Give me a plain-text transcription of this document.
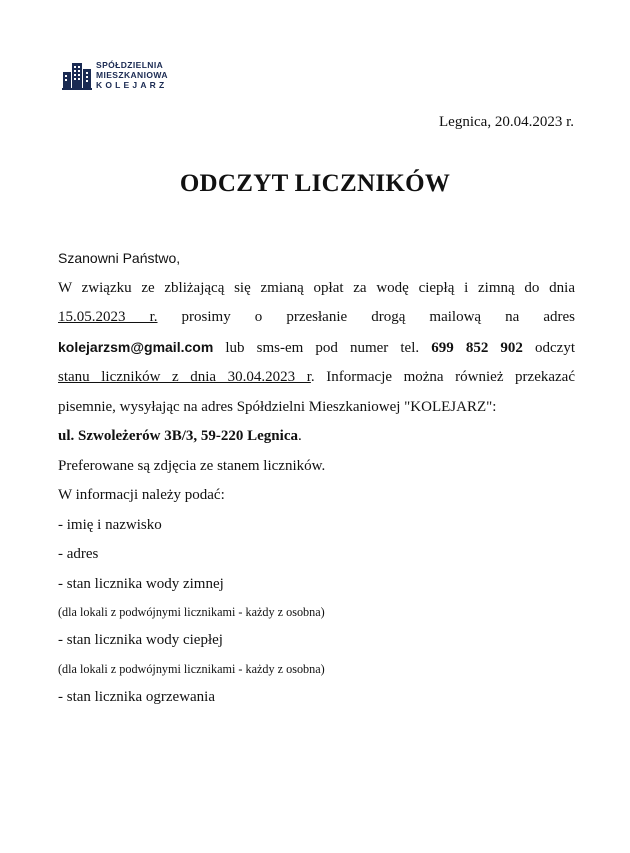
SPÓŁDZIELNIA
MIESZKANIOWA
KOLEJARZ
Legnica, 20.04.2023 r.
ODCZYT LICZNIKÓW
Szanowni Państwo,
W związku ze zbliżającą się zmianą opłat za wodę ciepłą i zimną do dnia
15.05.2023 r. prosimy o przesłanie drogą mailową na adres
kolejarzsm@gmail.com lub sms-em pod numer tel. 699 852 902 odczyt
stanu liczników z dnia 30.04.2023 r. Informacje można również przekazać
pisemnie, wysyłając na adres Spółdzielni Mieszkaniowej "KOLEJARZ":
ul. Szwoleżerów 3B/3, 59-220 Legnica.
Preferowane są zdjęcia ze stanem liczników.
W informacji należy podać:
- imię i nazwisko
- adres
- stan licznika wody zimnej
(dla lokali z podwójnymi licznikami - każdy z osobna)
- stan licznika wody ciepłej
(dla lokali z podwójnymi licznikami - każdy z osobna)
- stan licznika ogrzewania
